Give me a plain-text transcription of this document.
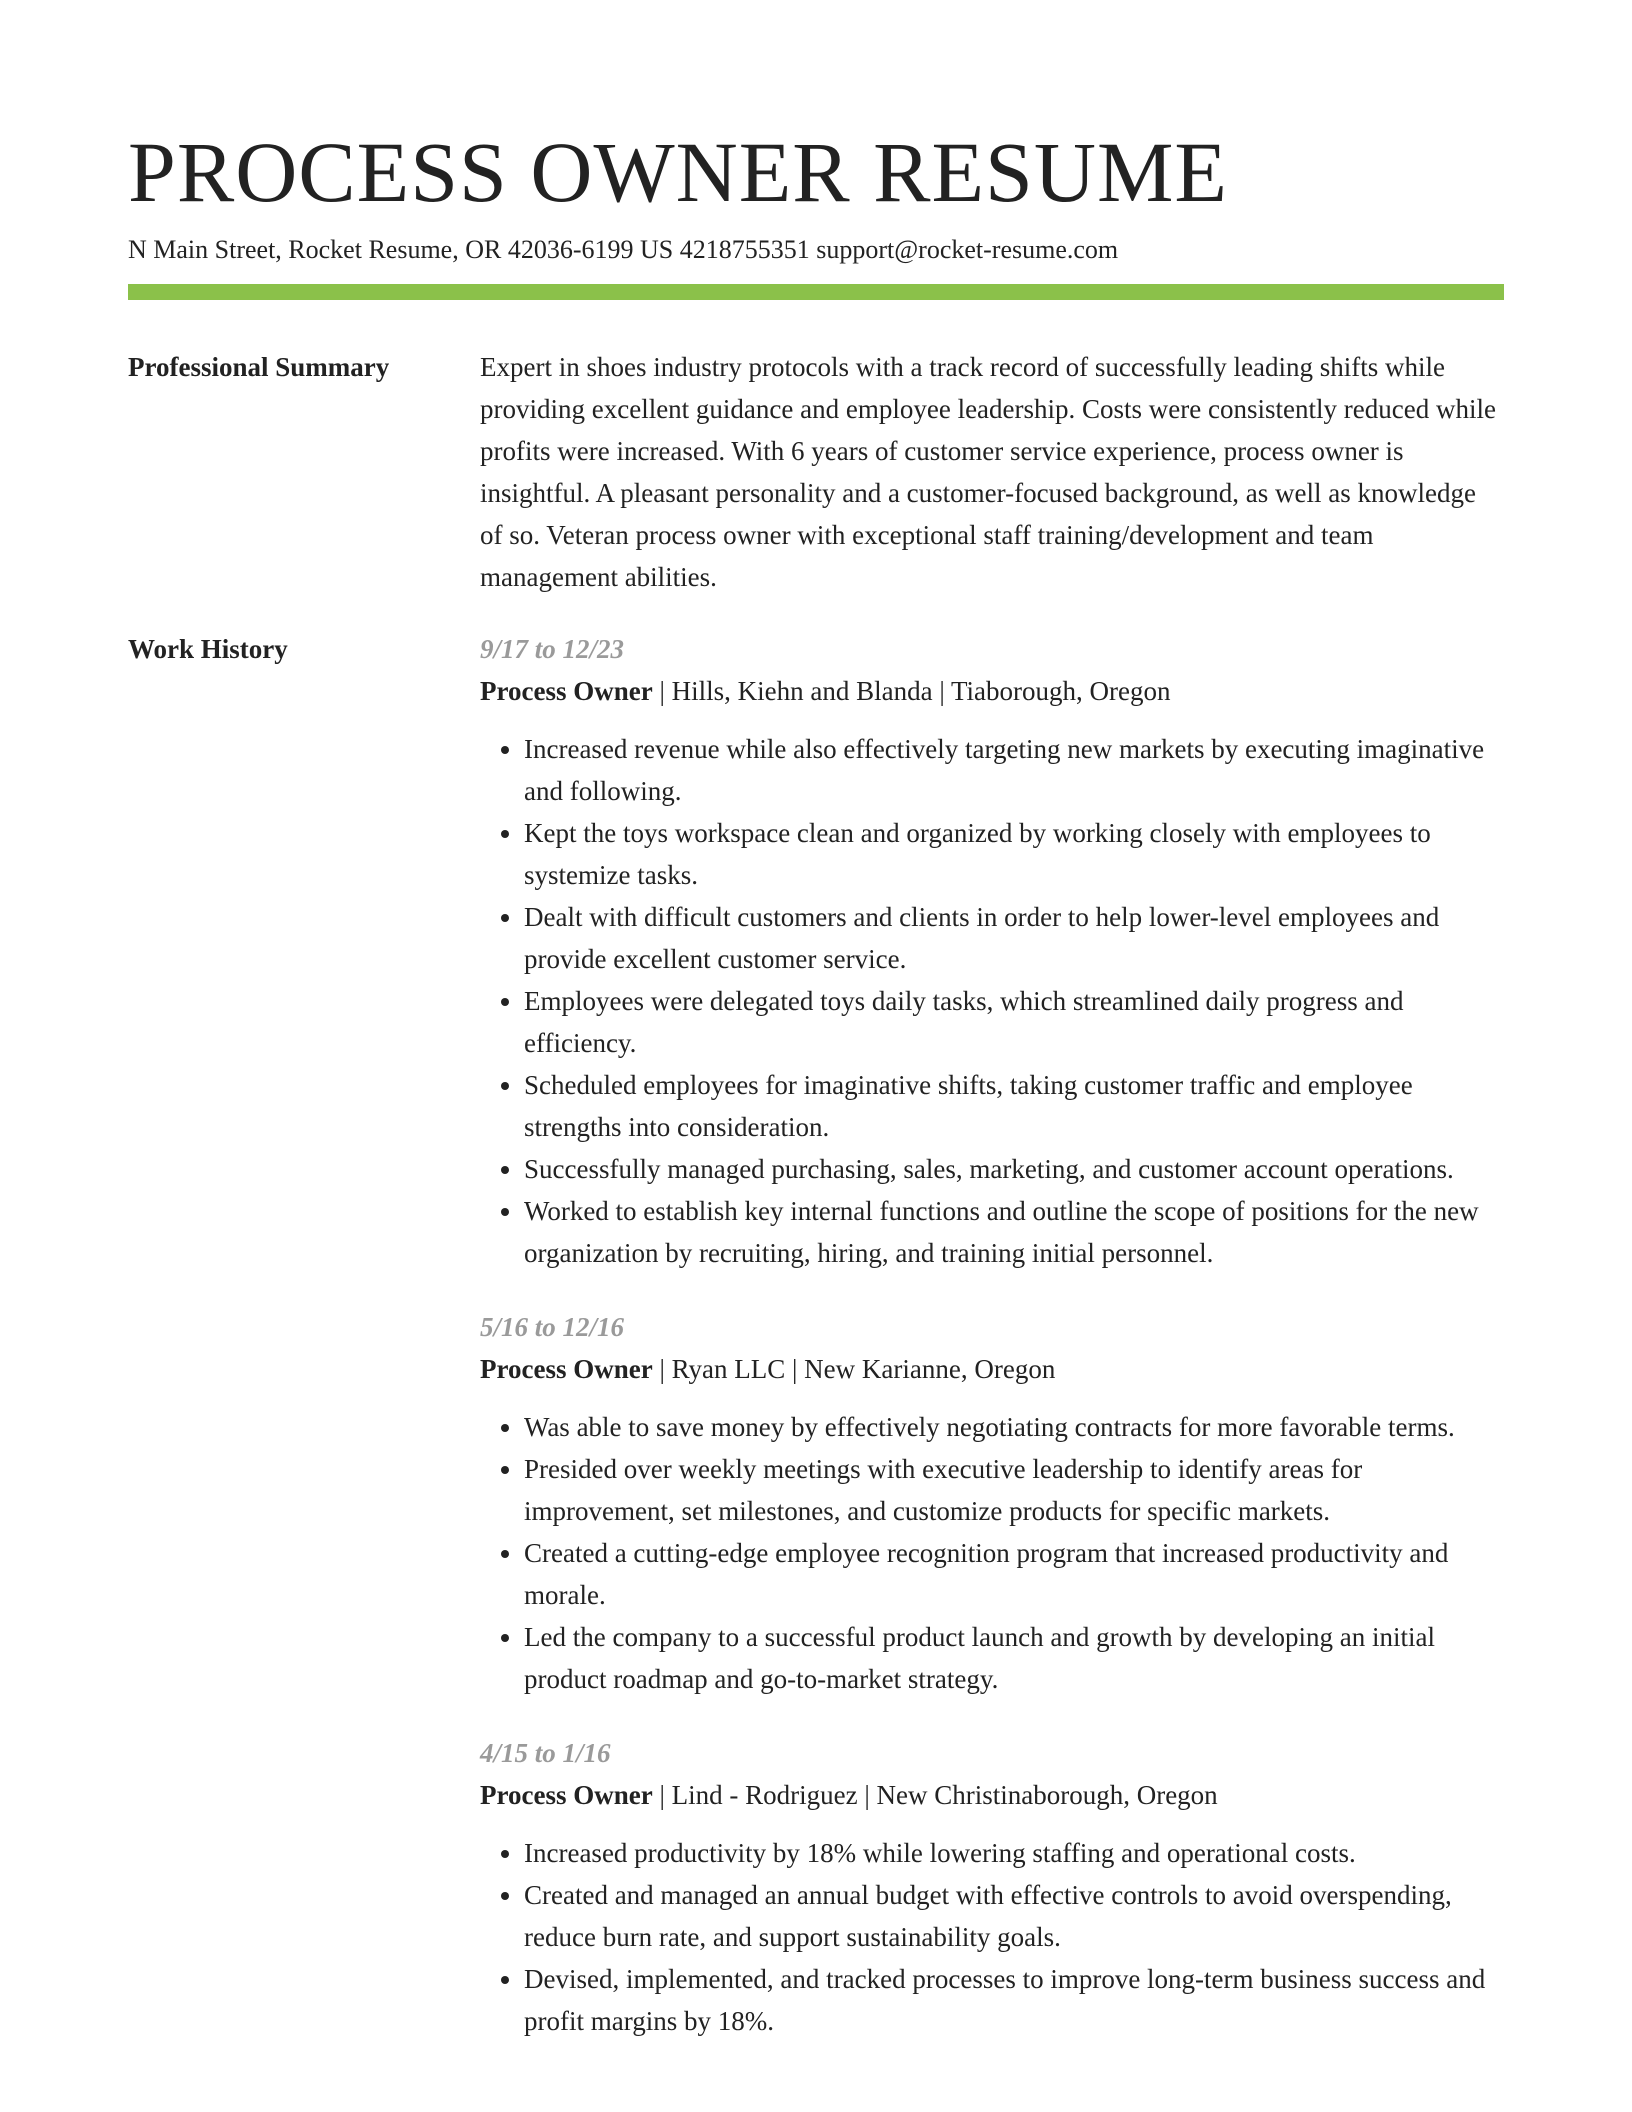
PROCESS OWNER RESUME
N Main Street, Rocket Resume, OR 42036-6199 US 4218755351 support@rocket-resume.com
Professional Summary	Expert in shoes industry protocols with a track record of successfully leading shifts while providing excellent guidance and employee leadership. Costs were consistently reduced while profits were increased. With 6 years of customer service experience, process owner is insightful. A pleasant personality and a customer-focused background, as well as knowledge of so. Veteran process owner with exceptional staff training/development and team management abilities.

Work History	9/17 to 12/23
Process Owner | Hills, Kiehn and Blanda | Tiaborough, Oregon
• Increased revenue while also effectively targeting new markets by executing imaginative and following.
• Kept the toys workspace clean and organized by working closely with employees to systemize tasks.
• Dealt with difficult customers and clients in order to help lower-level employees and provide excellent customer service.
• Employees were delegated toys daily tasks, which streamlined daily progress and efficiency.
• Scheduled employees for imaginative shifts, taking customer traffic and employee strengths into consideration.
• Successfully managed purchasing, sales, marketing, and customer account operations.
• Worked to establish key internal functions and outline the scope of positions for the new organization by recruiting, hiring, and training initial personnel.
5/16 to 12/16
Process Owner | Ryan LLC | New Karianne, Oregon
• Was able to save money by effectively negotiating contracts for more favorable terms.
• Presided over weekly meetings with executive leadership to identify areas for improvement, set milestones, and customize products for specific markets.
• Created a cutting-edge employee recognition program that increased productivity and morale.
• Led the company to a successful product launch and growth by developing an initial product roadmap and go-to-market strategy.
4/15 to 1/16
Process Owner | Lind - Rodriguez | New Christinaborough, Oregon
• Increased productivity by 18% while lowering staffing and operational costs.
• Created and managed an annual budget with effective controls to avoid overspending, reduce burn rate, and support sustainability goals.
• Devised, implemented, and tracked processes to improve long-term business success and profit margins by 18%.
